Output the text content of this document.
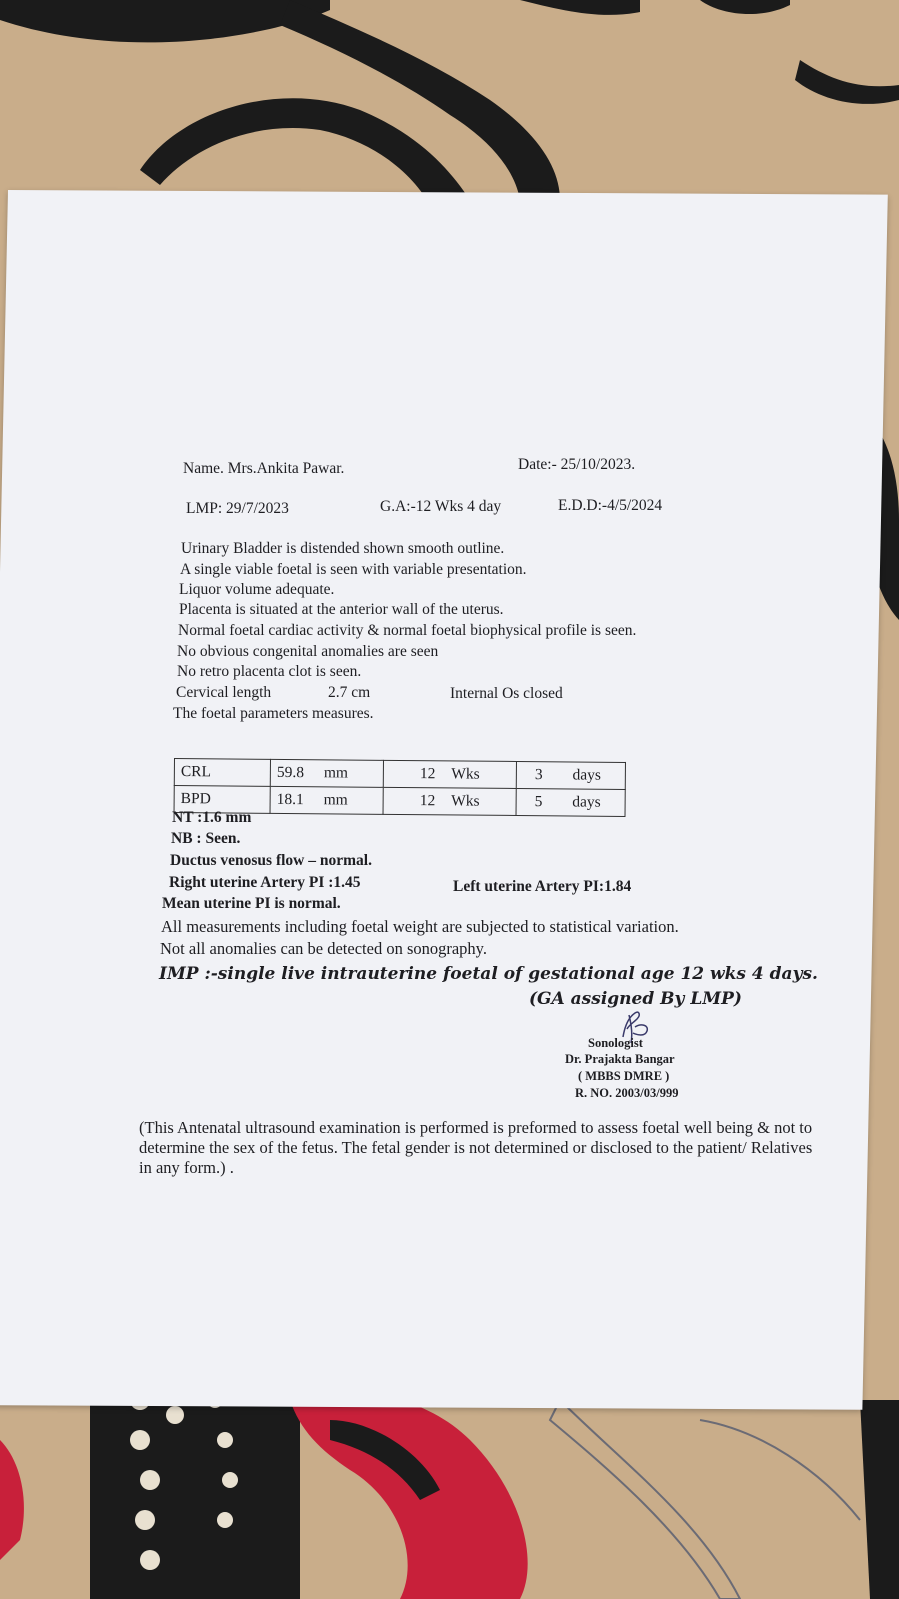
Name. Mrs.Ankita Pawar.	Date:- 25/10/2023.
LMP: 29/7/2023	G.A:-12 Wks 4 day	E.D.D:-4/5/2024
Urinary Bladder is distended shown smooth outline.
A single viable foetal is seen with variable presentation.
Liquor volume adequate.
Placenta is situated at the anterior wall of the uterus.
Normal foetal cardiac activity & normal foetal biophysical profile is seen.
No obvious congenital anomalies are seen
No retro placenta clot is seen.
Cervical length	2.7 cm	Internal Os closed
The foetal parameters measures.
CRL	59.8 mm	12 Wks	3 days
BPD	18.1 mm	12 Wks	5 days
NT :1.6 mm
NB : Seen.
Ductus venosus flow – normal.
Right uterine Artery PI :1.45	Left uterine Artery PI:1.84
Mean uterine PI is normal.
All measurements including foetal weight are subjected to statistical variation.
Not all anomalies can be detected on sonography.
IMP :-single live intrauterine foetal of gestational age 12 wks 4 days.
(GA assigned By LMP)
Sonologist
Dr. Prajakta Bangar
( MBBS DMRE )
R. NO. 2003/03/999
(This Antenatal ultrasound examination is performed is preformed to assess foetal well being & not to determine the sex of the fetus. The fetal gender is not determined or disclosed to the patient/ Relatives in any form.) .
